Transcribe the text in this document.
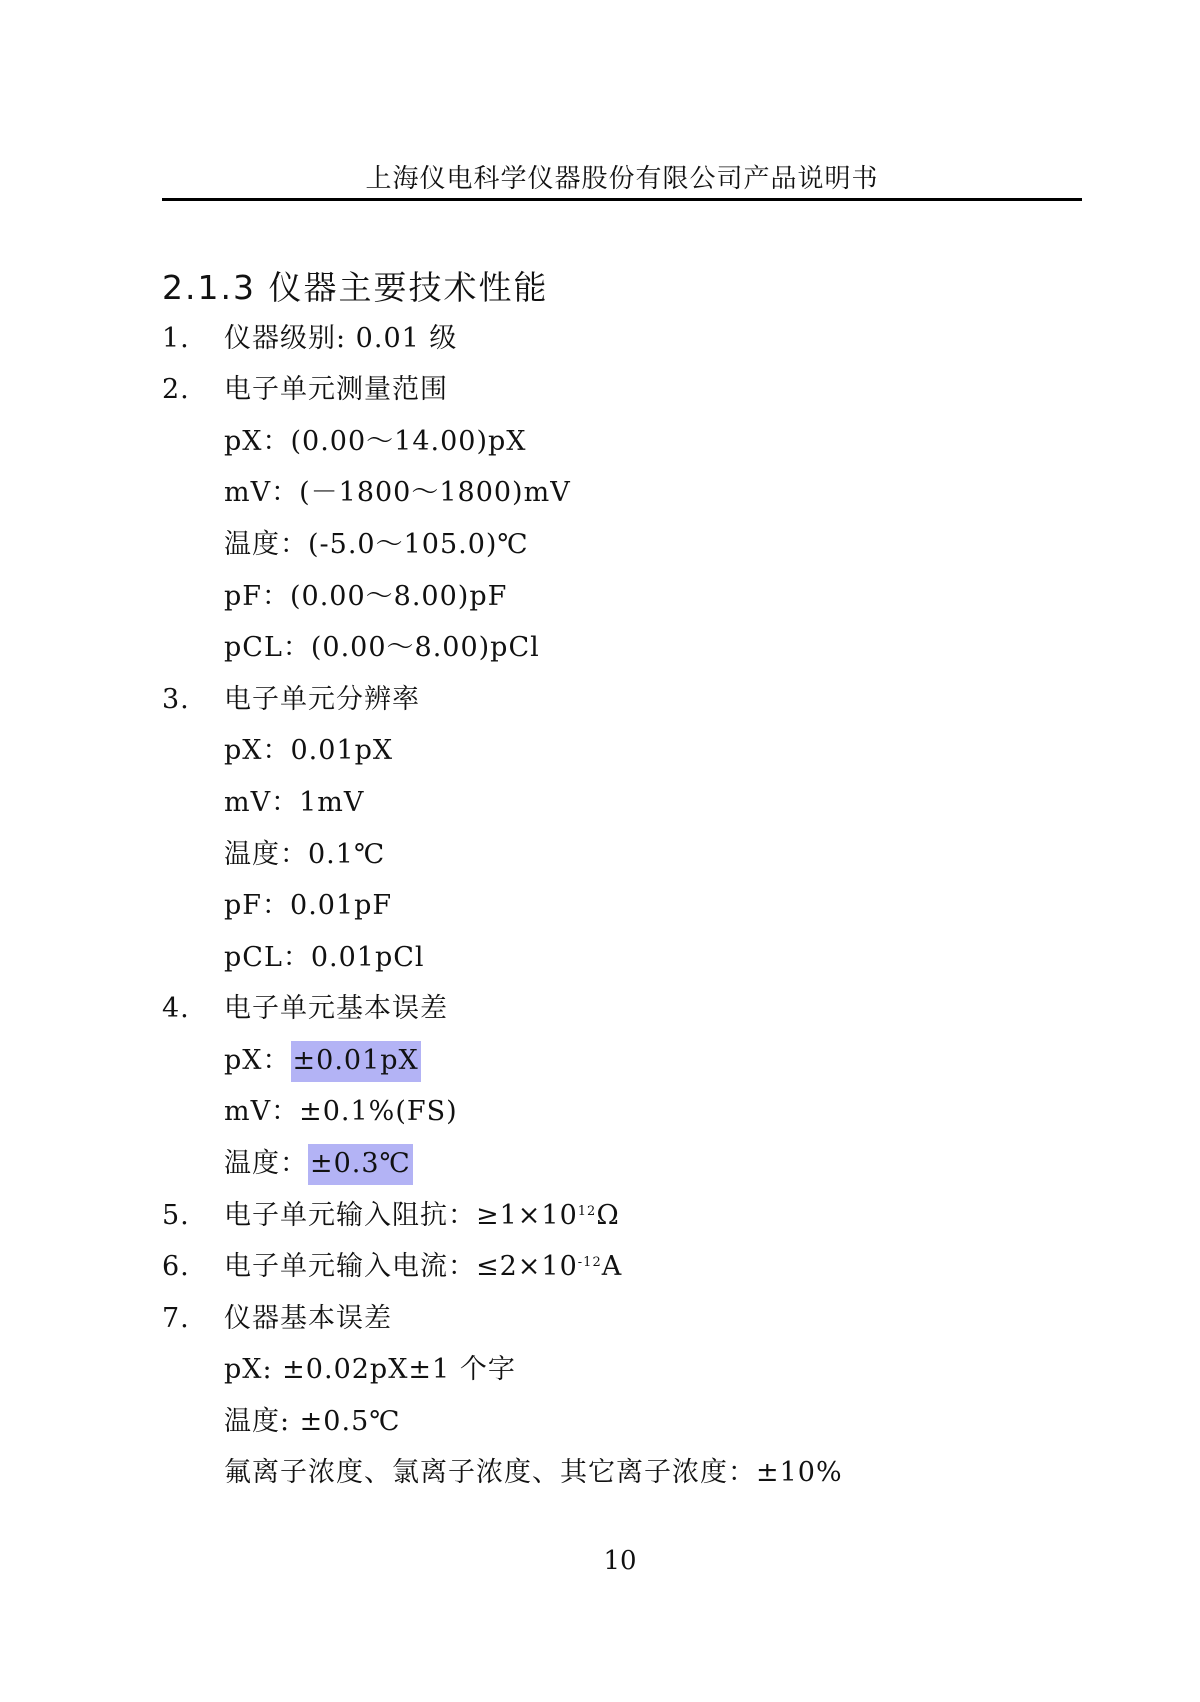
上海仪电科学仪器股份有限公司产品说明书
2.1.3 仪器主要技术性能
1. 仪器级别: 0.01 级
2. 电子单元测量范围
pX：(0.00～14.00)pX
mV：(－1800～1800)mV
温度：(-5.0～105.0)℃
pF：(0.00～8.00)pF
pCL：(0.00～8.00)pCl
3. 电子单元分辨率
pX：0.01pX
mV：1mV
温度：0.1℃
pF：0.01pF
pCL：0.01pCl
4. 电子单元基本误差
pX：±0.01pX
mV：±0.1%(FS)
温度：±0.3℃
5. 电子单元输入阻抗：$\ge 1\times 10^{12}\Omega$
6. 电子单元输入电流：$\le 2\times 10^{-12}A$
7. 仪器基本误差
pX: ±0.02pX±1 个字
温度: ±0.5℃
氟离子浓度、氯离子浓度、其它离子浓度：±10%
10
